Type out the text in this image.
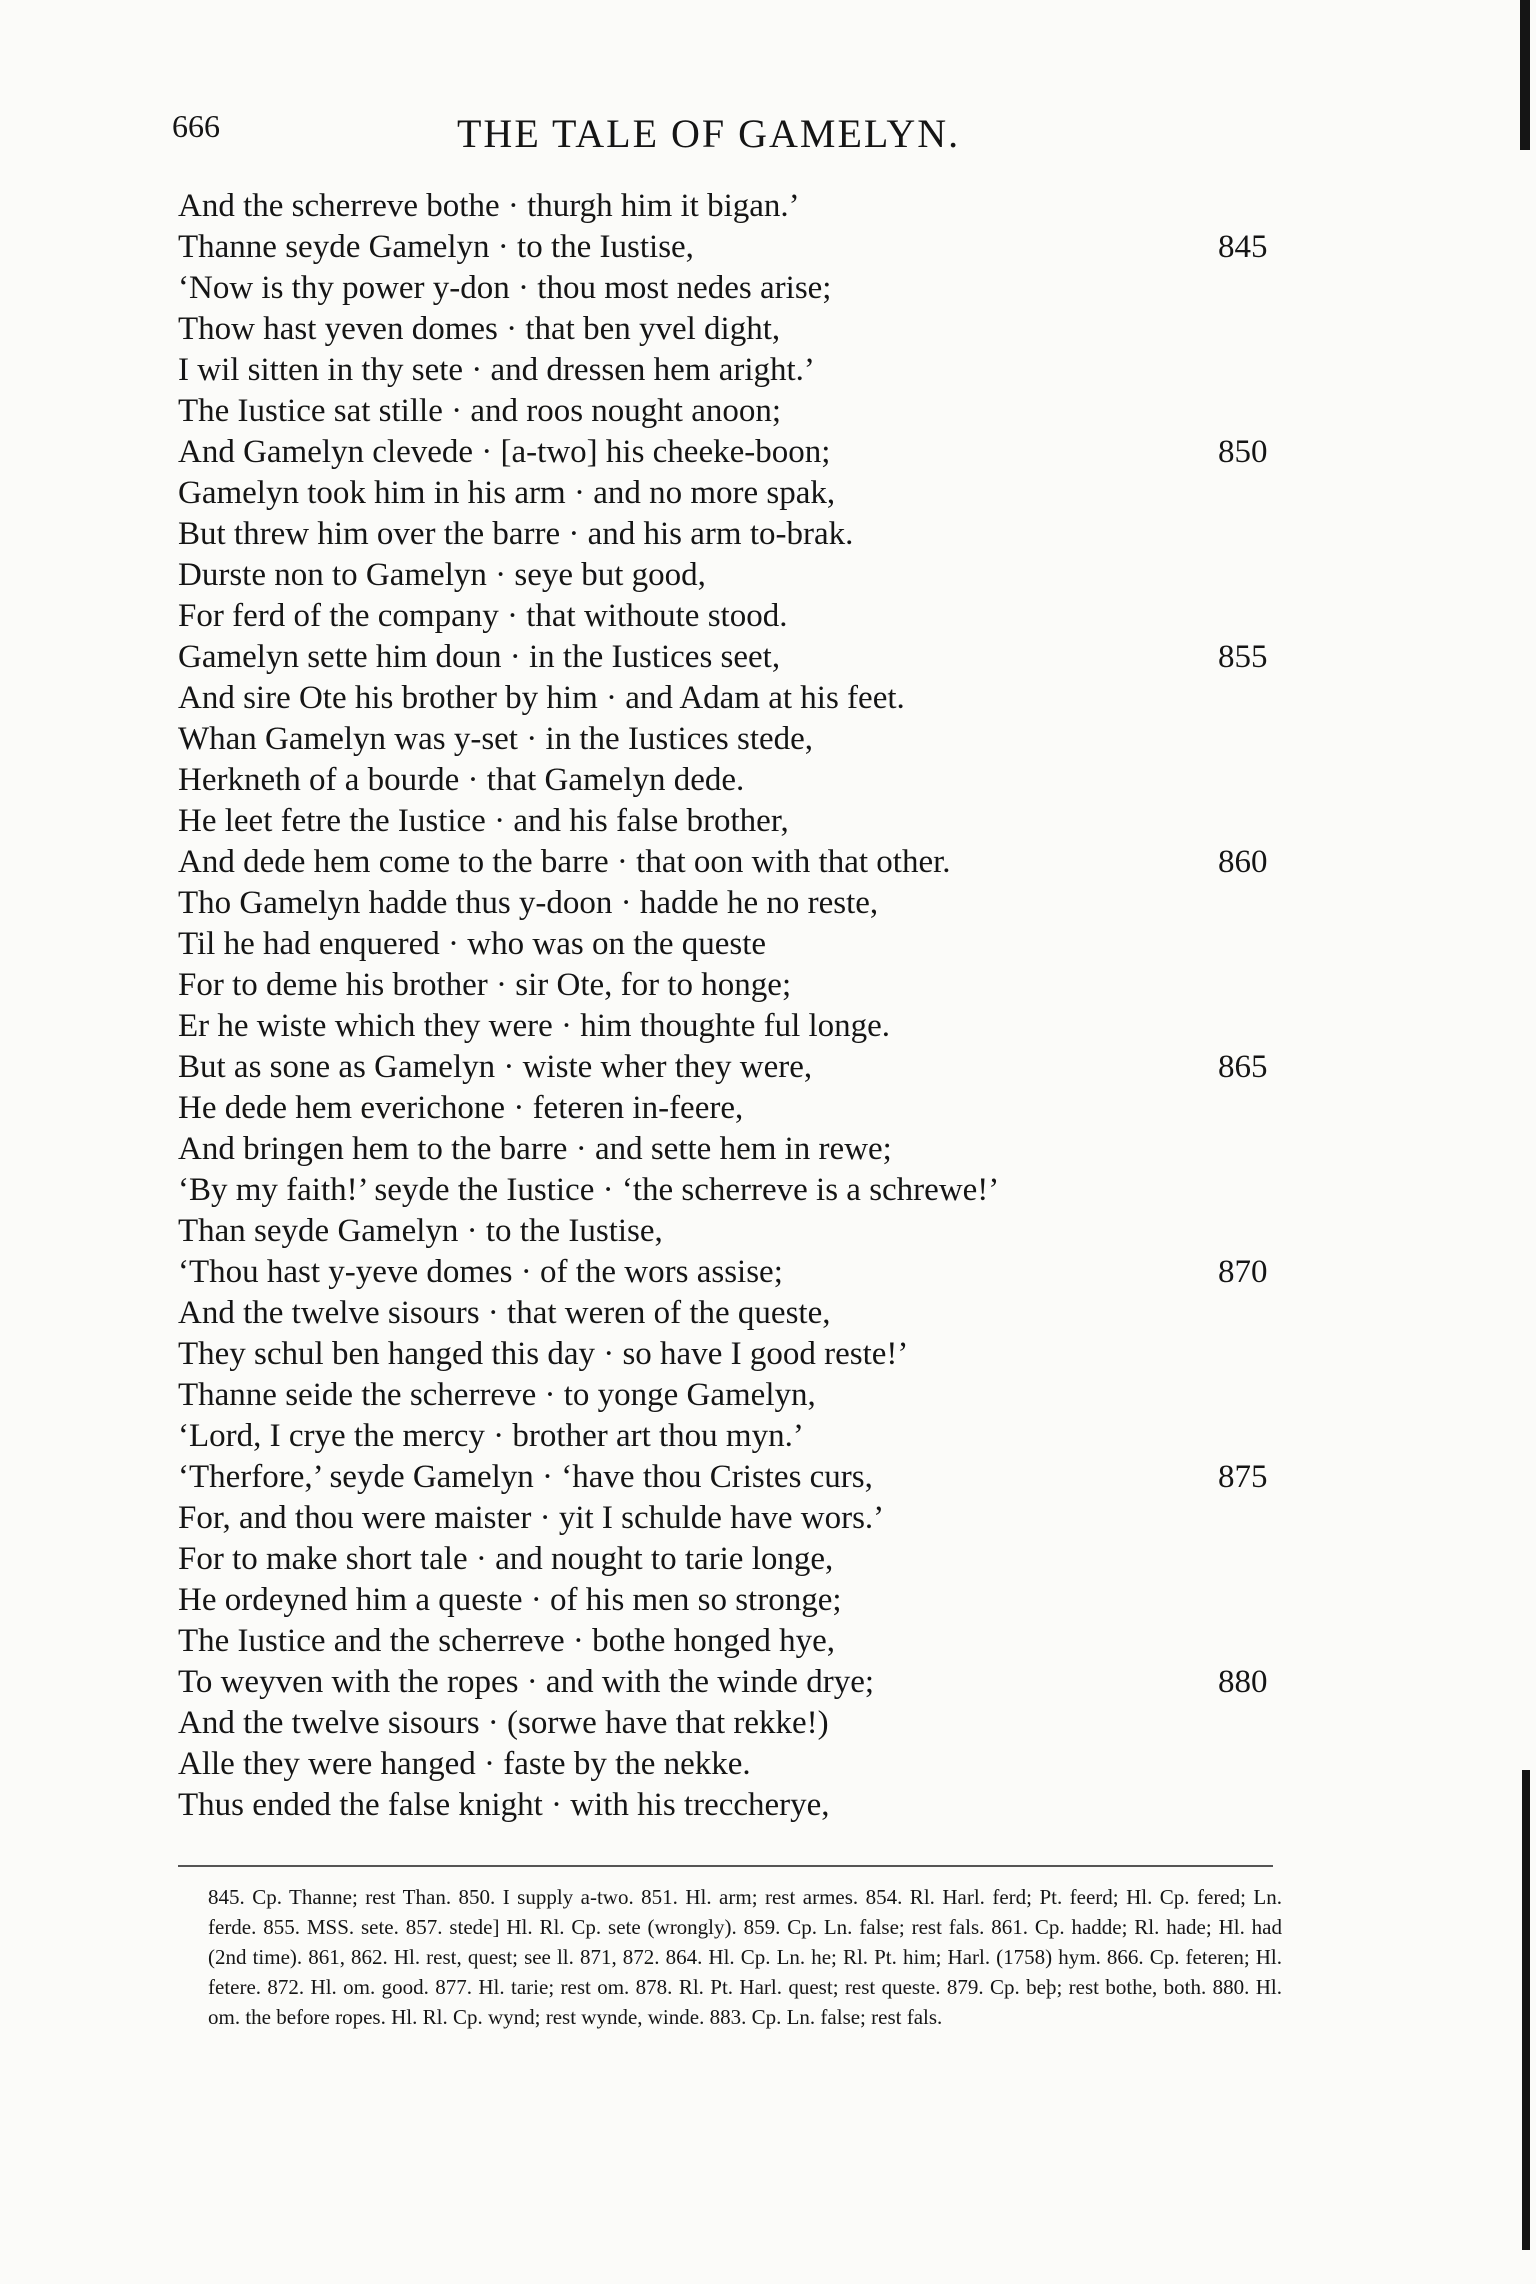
666	THE TALE OF GAMELYN.
And the scherreve bothe · thurgh him it bigan.’
Thanne seyde Gamelyn · to the Iustise,	845
‘Now is thy power y-don · thou most nedes arise;
Thow hast yeven domes · that ben yvel dight,
I wil sitten in thy sete · and dressen hem aright.’
The Iustice sat stille · and roos nought anoon;
And Gamelyn clevede · [a-two] his cheeke-boon;	850
Gamelyn took him in his arm · and no more spak,
But threw him over the barre · and his arm to-brak.
Durste non to Gamelyn · seye but good,
For ferd of the company · that withoute stood.
Gamelyn sette him doun · in the Iustices seet,	855
And sire Ote his brother by him · and Adam at his feet.
Whan Gamelyn was y-set · in the Iustices stede,
Herkneth of a bourde · that Gamelyn dede.
He leet fetre the Iustice · and his false brother,
And dede hem come to the barre · that oon with that other.	860
Tho Gamelyn hadde thus y-doon · hadde he no reste,
Til he had enquered · who was on the queste
For to deme his brother · sir Ote, for to honge;
Er he wiste which they were · him thoughte ful longe.
But as sone as Gamelyn · wiste wher they were,	865
He dede hem everichone · feteren in-feere,
And bringen hem to the barre · and sette hem in rewe;
‘By my faith!’ seyde the Iustice · ‘the scherreve is a schrewe!’
Than seyde Gamelyn · to the Iustise,
‘Thou hast y-yeve domes · of the wors assise;	870
And the twelve sisours · that weren of the queste,
They schul ben hanged this day · so have I good reste!’
Thanne seide the scherreve · to yonge Gamelyn,
‘Lord, I crye the mercy · brother art thou myn.’
‘Therfore,’ seyde Gamelyn · ‘have thou Cristes curs,	875
For, and thou were maister · yit I schulde have wors.’
For to make short tale · and nought to tarie longe,
He ordeyned him a queste · of his men so stronge;
The Iustice and the scherreve · bothe honged hye,
To weyven with the ropes · and with the winde drye;	880
And the twelve sisours · (sorwe have that rekke!)
Alle they were hanged · faste by the nekke.
Thus ended the false knight · with his treccherye,

845. Cp. Thanne; rest Than. 850. I supply a-two. 851. Hl. arm; rest armes. 854. Rl. Harl. ferd; Pt. feerd; Hl. Cp. fered; Ln. ferde. 855. MSS. sete. 857. stede] Hl. Rl. Cp. sete (wrongly). 859. Cp. Ln. false; rest fals. 861. Cp. hadde; Rl. hade; Hl. had (2nd time). 861, 862. Hl. rest, quest; see ll. 871, 872. 864. Hl. Cp. Ln. he; Rl. Pt. him; Harl. (1758) hym. 866. Cp. feteren; Hl. fetere. 872. Hl. om. good. 877. Hl. tarie; rest om. 878. Rl. Pt. Harl. quest; rest queste. 879. Cp. beþ; rest bothe, both. 880. Hl. om. the before ropes. Hl. Rl. Cp. wynd; rest wynde, winde. 883. Cp. Ln. false; rest fals.
